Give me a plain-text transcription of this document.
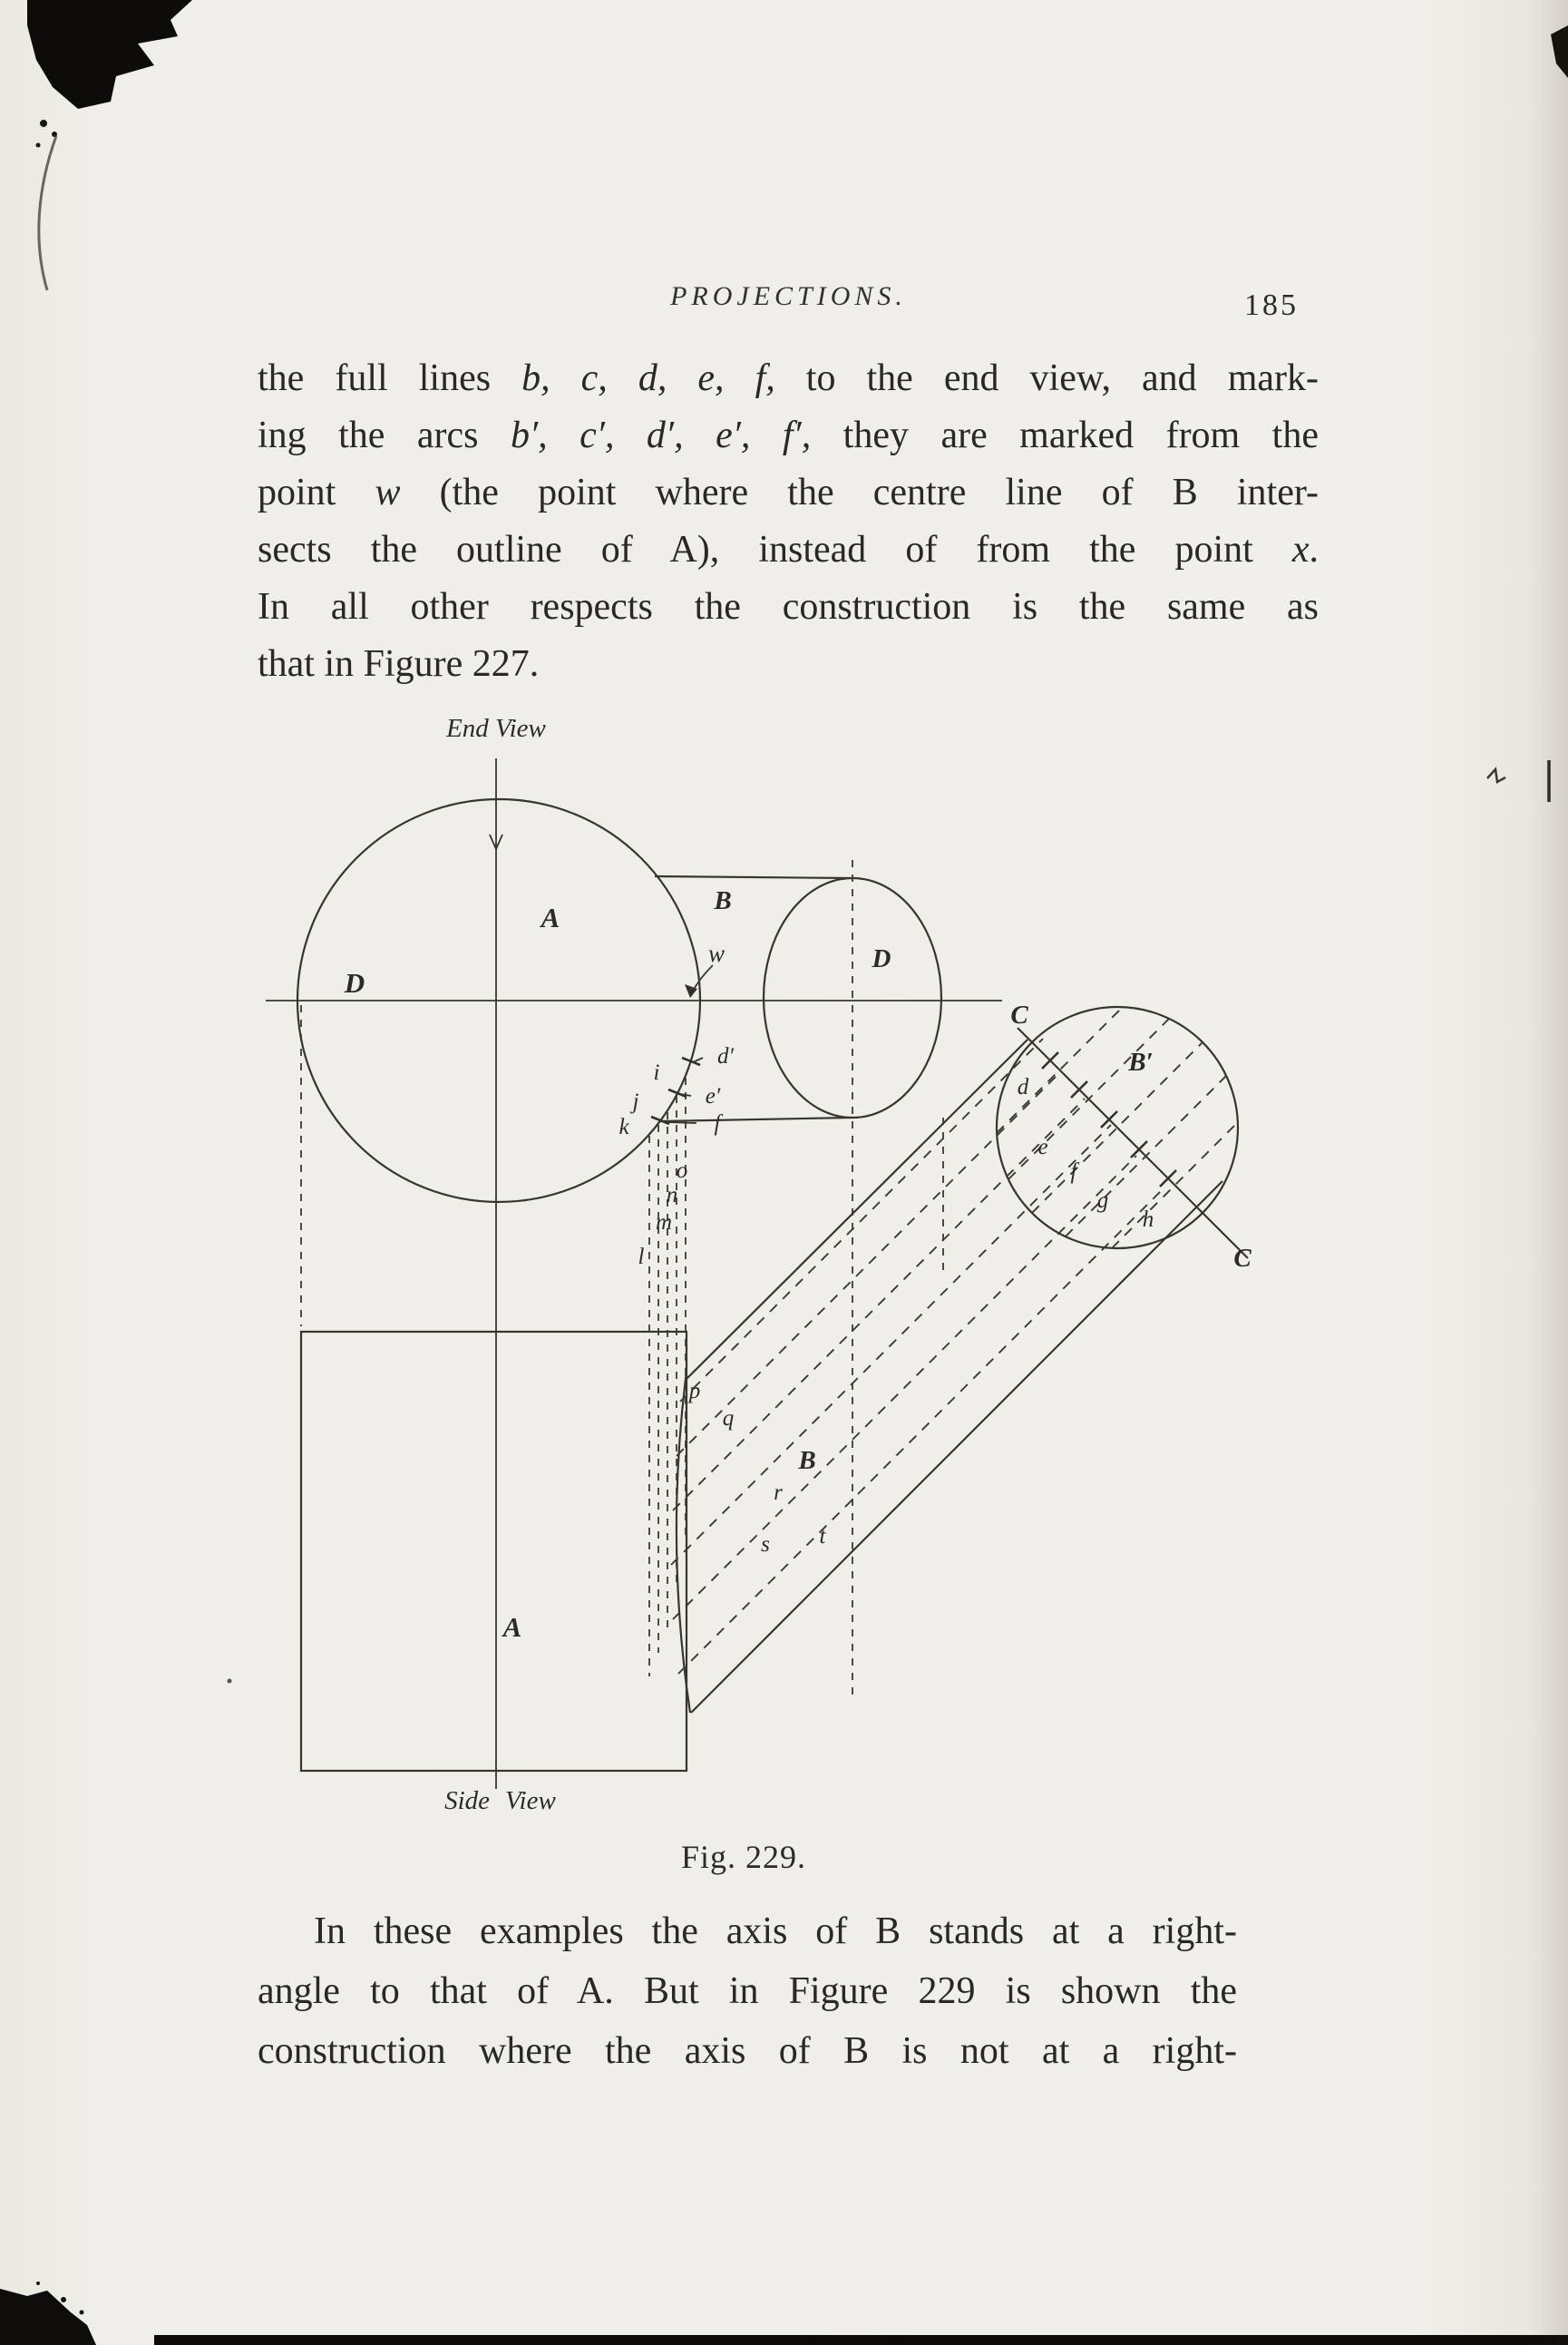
PROJECTIONS.	185
the full lines b, c, d, e, f, to the end view, and mark-
ing the arcs b′, c′, d′, e′, f′, they are marked from the
point w (the point where the centre line of B inter-
sects the outline of A), instead of from the point x.
In all other respects the construction is the same as
that in Figure 227.
End View
Side View
A
B
D
D
w
d′
e′
f
i
j
k
o
n
m
l
p
q
r
s t
A
B
B′
C
C
d
e
f
g
h
Fig. 229.
In these examples the axis of B stands at a right-
angle to that of A. But in Figure 229 is shown the
construction where the axis of B is not at a right-
